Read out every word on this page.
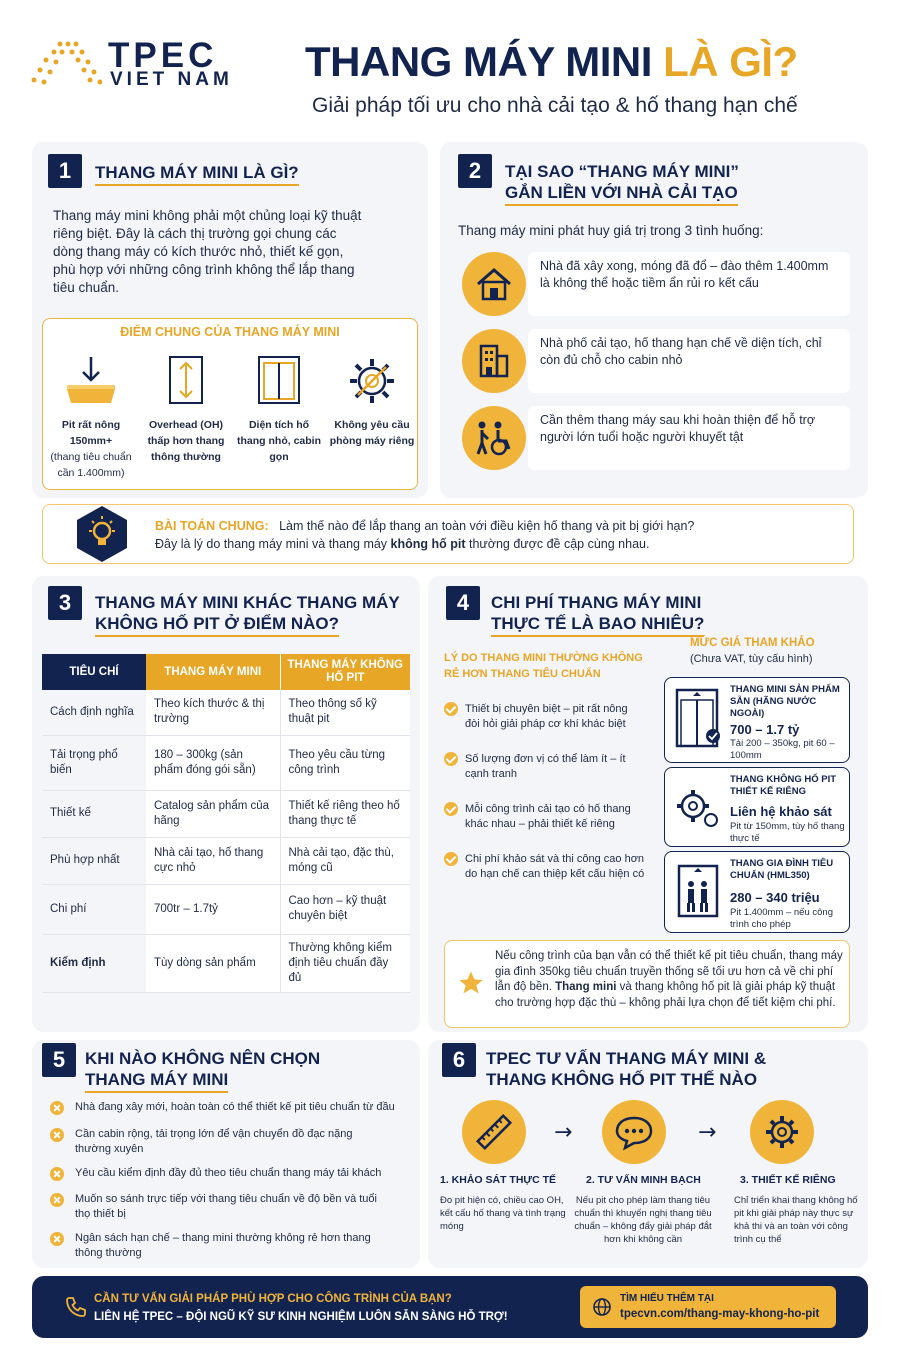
TPEC
VIET NAM THANG MÁY MINI LÀ GÌ?
Giải pháp tối ưu cho nhà cải tạo & hố thang hạn chế
1	THANG MÁY MINI LÀ GÌ?
Thang máy mini không phải một chủng loại kỹ thuật riêng biệt. Đây là cách thị trường gọi chung các dòng thang máy có kích thước nhỏ, thiết kế gọn, phù hợp với những công trình không thể lắp thang tiêu chuẩn.
ĐIỂM CHUNG CỦA THANG MÁY MINI
Pit rất nông 150mm+
(thang tiêu chuẩn cần 1.400mm)
Overhead (OH) thấp hơn thang thông thường
Diện tích hố thang nhỏ, cabin gọn
Không yêu cầu phòng máy riêng
2	TẠI SAO “THANG MÁY MINI”
GẮN LIỀN VỚI NHÀ CẢI TẠO
Thang máy mini phát huy giá trị trong 3 tình huống:
Nhà đã xây xong, móng đã đổ – đào thêm 1.400mm là không thể hoặc tiềm ẩn rủi ro kết cấu
Nhà phố cải tạo, hố thang hạn chế về diện tích, chỉ còn đủ chỗ cho cabin nhỏ
Cần thêm thang máy sau khi hoàn thiện để hỗ trợ người lớn tuổi hoặc người khuyết tật
BÀI TOÁN CHUNG: Làm thế nào để lắp thang an toàn với điều kiện hố thang và pit bị giới hạn?
Đây là lý do thang máy mini và thang máy không hố pit thường được đề cập cùng nhau.
3	THANG MÁY MINI KHÁC THANG MÁY
KHÔNG HỐ PIT Ở ĐIỂM NÀO?
TIÊU CHÍ	THANG MÁY MINI	THANG MÁY KHÔNG HỐ PIT
Cách định nghĩa	Theo kích thước & thị trường	Theo thông số kỹ thuật pit
Tải trọng phổ biến	180 – 300kg (sản phẩm đóng gói sẵn)	Theo yêu cầu từng công trình
Thiết kế	Catalog sản phẩm của hãng	Thiết kế riêng theo hố thang thực tế
Phù hợp nhất	Nhà cải tạo, hố thang cực nhỏ	Nhà cải tạo, đặc thù, móng cũ
Chi phí	700tr – 1.7tỷ	Cao hơn – kỹ thuật chuyên biệt
Kiểm định	Tùy dòng sản phẩm	Thường không kiểm định tiêu chuẩn đầy đủ
4	CHI PHÍ THANG MÁY MINI
THỰC TẾ LÀ BAO NHIÊU?
LÝ DO THANG MINI THƯỜNG KHÔNG RẺ HƠN THANG TIÊU CHUẨN
Thiết bị chuyên biệt – pit rất nông đòi hỏi giải pháp cơ khí khác biệt
Số lượng đơn vị có thể làm ít – ít cạnh tranh
Mỗi công trình cải tạo có hố thang khác nhau – phải thiết kế riêng
Chi phí khảo sát và thi công cao hơn do hạn chế can thiệp kết cấu hiện có
MỨC GIÁ THAM KHẢO
(Chưa VAT, tùy cấu hình)
THANG MINI SẢN PHẨM SẴN (HÃNG NƯỚC NGOÀI)
700 – 1.7 tỷ
Tải 200 – 350kg, pit 60 – 100mm
THANG KHÔNG HỐ PIT THIẾT KẾ RIÊNG
Liên hệ khảo sát
Pit từ 150mm, tùy hố thang thực tế
THANG GIA ĐÌNH TIÊU CHUẨN (HML350)
280 – 340 triệu
Pit 1.400mm – nếu công trình cho phép
Nếu công trình của bạn vẫn có thể thiết kế pit tiêu chuẩn, thang máy gia đình 350kg tiêu chuẩn truyền thống sẽ tối ưu hơn cả về chi phí lẫn độ bền. Thang mini và thang không hố pit là giải pháp kỹ thuật cho trường hợp đặc thù – không phải lựa chọn để tiết kiệm chi phí.
5	KHI NÀO KHÔNG NÊN CHỌN
THANG MÁY MINI
Nhà đang xây mới, hoàn toàn có thể thiết kế pit tiêu chuẩn từ đầu
Cần cabin rộng, tải trọng lớn để vận chuyển đồ đạc nặng thường xuyên
Yêu cầu kiểm định đầy đủ theo tiêu chuẩn thang máy tải khách
Muốn so sánh trực tiếp với thang tiêu chuẩn về độ bền và tuổi thọ thiết bị
Ngân sách hạn chế – thang mini thường không rẻ hơn thang thông thường
6	TPEC TƯ VẤN THANG MÁY MINI &
THANG KHÔNG HỐ PIT THẾ NÀO
→	→
1. KHẢO SÁT THỰC TẾ
Đo pit hiện có, chiều cao OH, kết cấu hố thang và tình trạng móng
2. TƯ VẤN MINH BẠCH
Nếu pit cho phép làm thang tiêu chuẩn thì khuyến nghị thang tiêu chuẩn – không đẩy giải pháp đắt hơn khi không cần
3. THIẾT KẾ RIÊNG
Chỉ triển khai thang không hố pit khi giải pháp này thực sự khả thi và an toàn với công trình cụ thể
CẦN TƯ VẤN GIẢI PHÁP PHÙ HỢP CHO CÔNG TRÌNH CỦA BẠN?
LIÊN HỆ TPEC – ĐỘI NGŨ KỸ SƯ KINH NGHIỆM LUÔN SẴN SÀNG HỖ TRỢ!
TÌM HIỂU THÊM TẠI
tpecvn.com/thang-may-khong-ho-pit
